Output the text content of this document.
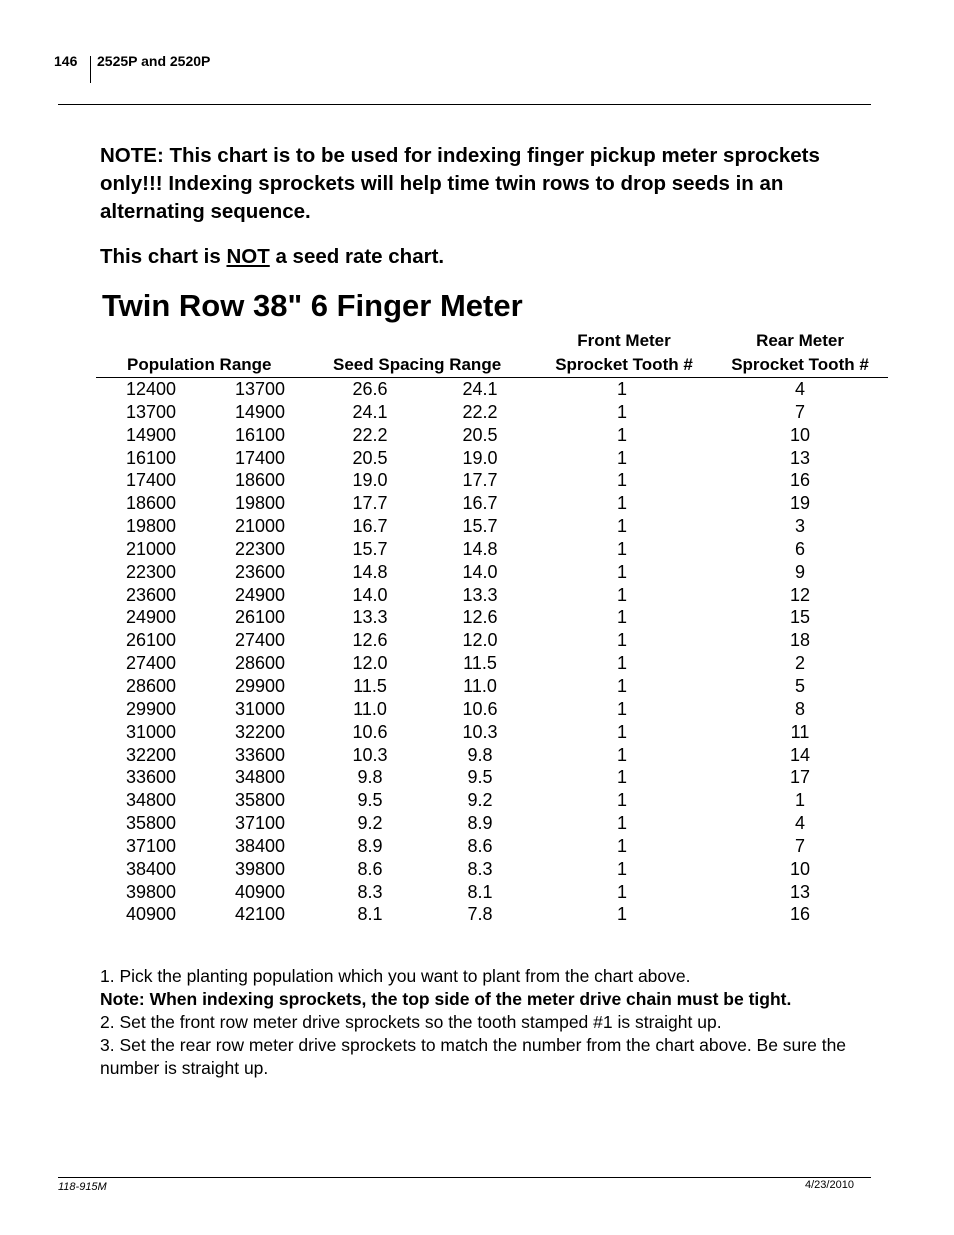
146 2525P and 2520P
NOTE: This chart is to be used for indexing finger pickup meter sprockets only!!! Indexing sprockets will help time twin rows to drop seeds in an alternating sequence.
This chart is NOT a seed rate chart.
Twin Row 38" 6 Finger Meter
Front Meter	Rear Meter
Population Range	Seed Spacing Range	Sprocket Tooth #	Sprocket Tooth #
12400	13700	26.6	24.1	1	4
13700	14900	24.1	22.2	1	7
14900	16100	22.2	20.5	1	10
16100	17400	20.5	19.0	1	13
17400	18600	19.0	17.7	1	16
18600	19800	17.7	16.7	1	19
19800	21000	16.7	15.7	1	3
21000	22300	15.7	14.8	1	6
22300	23600	14.8	14.0	1	9
23600	24900	14.0	13.3	1	12
24900	26100	13.3	12.6	1	15
26100	27400	12.6	12.0	1	18
27400	28600	12.0	11.5	1	2
28600	29900	11.5	11.0	1	5
29900	31000	11.0	10.6	1	8
31000	32200	10.6	10.3	1	11
32200	33600	10.3	9.8	1	14
33600	34800	9.8	9.5	1	17
34800	35800	9.5	9.2	1	1
35800	37100	9.2	8.9	1	4
37100	38400	8.9	8.6	1	7
38400	39800	8.6	8.3	1	10
39800	40900	8.3	8.1	1	13
40900	42100	8.1	7.8	1	16
1. Pick the planting population which you want to plant from the chart above.
Note: When indexing sprockets, the top side of the meter drive chain must be tight.
2. Set the front row meter drive sprockets so the tooth stamped #1 is straight up.
3. Set the rear row meter drive sprockets to match the number from the chart above. Be sure the number is straight up.
118-915M	4/23/2010
